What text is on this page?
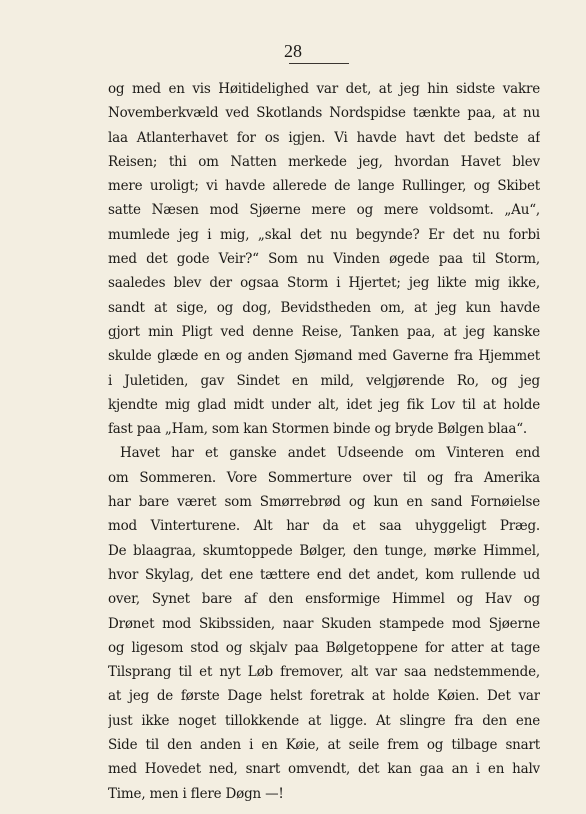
28
og med en vis Høitidelighed var det, at jeg hin sidste vakre
Novemberkvæld ved Skotlands Nordspidse tænkte paa, at nu
laa Atlanterhavet for os igjen. Vi havde havt det bedste af
Reisen; thi om Natten merkede jeg, hvordan Havet blev
mere uroligt; vi havde allerede de lange Rullinger, og Skibet
satte Næsen mod Sjøerne mere og mere voldsomt. „Au“,
mumlede jeg i mig, „skal det nu begynde? Er det nu forbi
med det gode Veir?“ Som nu Vinden øgede paa til Storm,
saaledes blev der ogsaa Storm i Hjertet; jeg likte mig ikke,
sandt at sige, og dog, Bevidstheden om, at jeg kun havde
gjort min Pligt ved denne Reise, Tanken paa, at jeg kanske
skulde glæde en og anden Sjømand med Gaverne fra Hjemmet
i Juletiden, gav Sindet en mild, velgjørende Ro, og jeg
kjendte mig glad midt under alt, idet jeg fik Lov til at holde
fast paa „Ham, som kan Stormen binde og bryde Bølgen blaa“.
Havet har et ganske andet Udseende om Vinteren end
om Sommeren. Vore Sommerture over til og fra Amerika
har bare været som Smørrebrød og kun en sand Fornøielse
mod Vinterturene. Alt har da et saa uhyggeligt Præg.
De blaagraa, skumtoppede Bølger, den tunge, mørke Himmel,
hvor Skylag, det ene tættere end det andet, kom rullende ud
over, Synet bare af den ensformige Himmel og Hav og
Drønet mod Skibssiden, naar Skuden stampede mod Sjøerne
og ligesom stod og skjalv paa Bølgetoppene for atter at tage
Tilsprang til et nyt Løb fremover, alt var saa nedstemmende,
at jeg de første Dage helst foretrak at holde Køien. Det var
just ikke noget tillokkende at ligge. At slingre fra den ene
Side til den anden i en Køie, at seile frem og tilbage snart
med Hovedet ned, snart omvendt, det kan gaa an i en halv
Time, men i flere Døgn —!
